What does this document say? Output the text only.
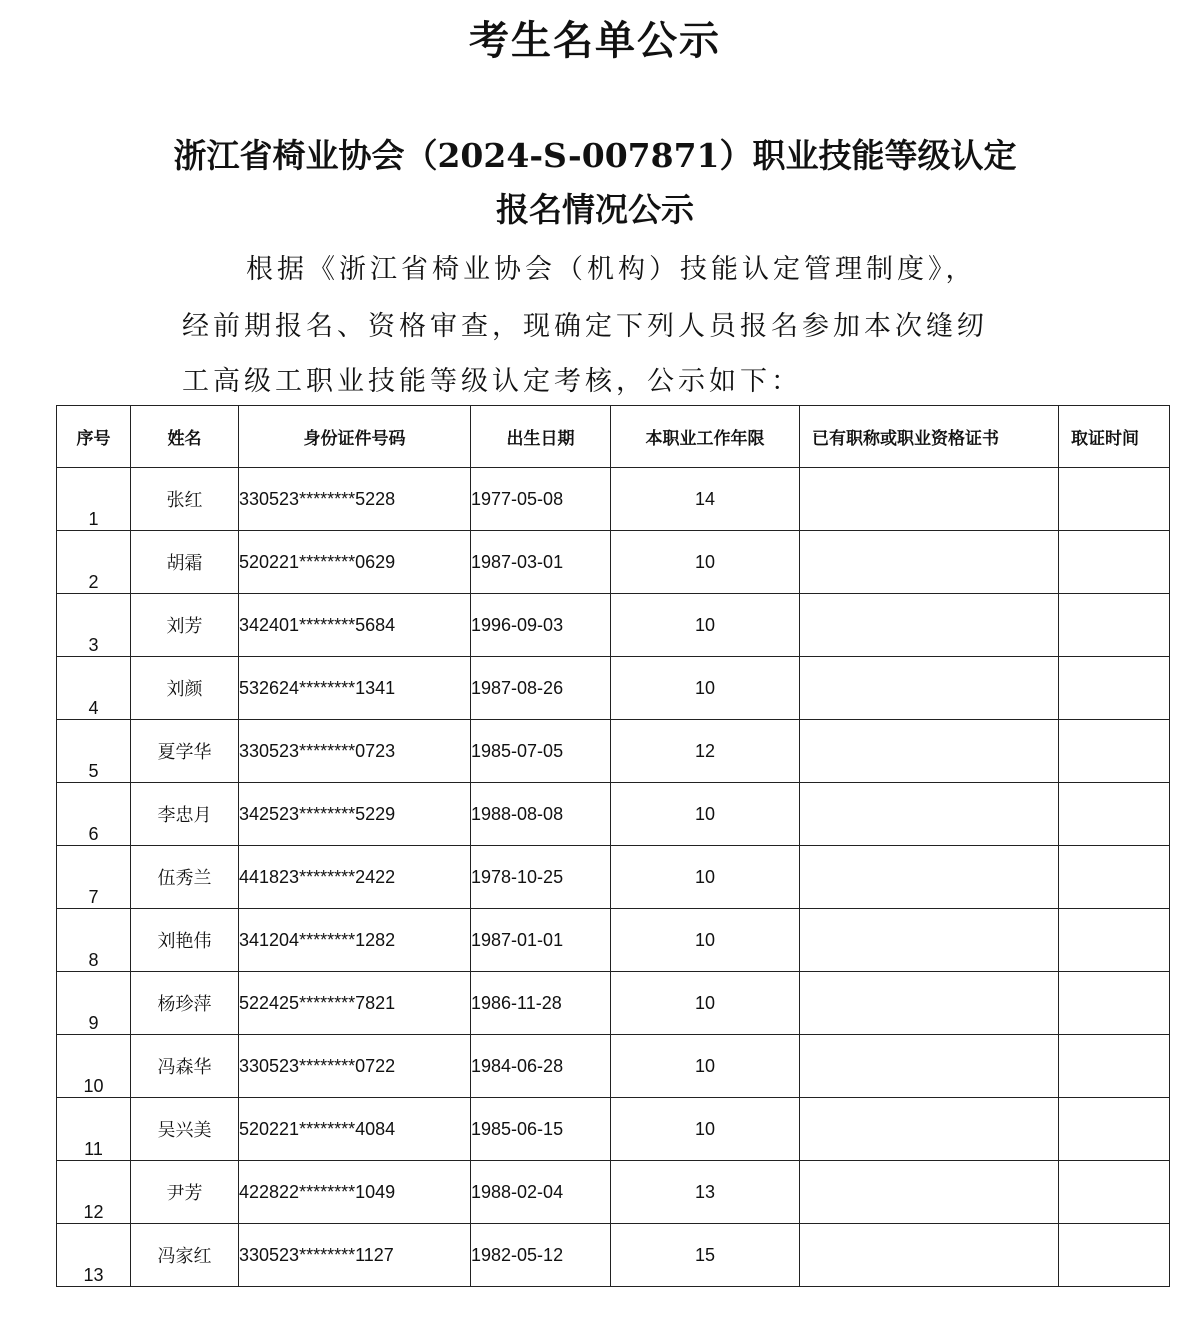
考生名单公示
浙江省椅业协会（2024-S-007871）职业技能等级认定
报名情况公示
根据《浙江省椅业协会（机构）技能认定管理制度》，
经前期报名、资格审查，现确定下列人员报名参加本次缝纫
工高级工职业技能等级认定考核，公示如下：
序号	姓名	身份证件号码	出生日期	本职业工作年限	已有职称或职业资格证书	取证时间
1	张红	330523********5228	1977-05-08	14		
2	胡霜	520221********0629	1987-03-01	10		
3	刘芳	342401********5684	1996-09-03	10		
4	刘颜	532624********1341	1987-08-26	10		
5	夏学华	330523********0723	1985-07-05	12		
6	李忠月	342523********5229	1988-08-08	10		
7	伍秀兰	441823********2422	1978-10-25	10		
8	刘艳伟	341204********1282	1987-01-01	10		
9	杨珍萍	522425********7821	1986-11-28	10		
10	冯森华	330523********0722	1984-06-28	10		
11	吴兴美	520221********4084	1985-06-15	10		
12	尹芳	422822********1049	1988-02-04	13		
13	冯家红	330523********1127	1982-05-12	15		
